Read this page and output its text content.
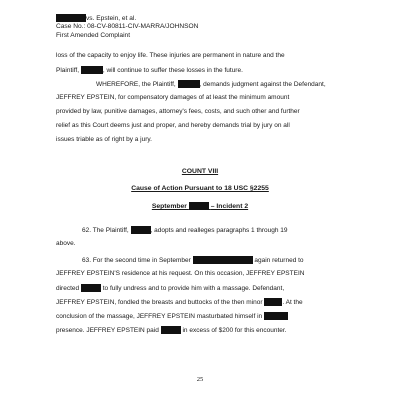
vs. Epstein, et al.
Case No.: 08-CV-80811-CIV-MARRA/JOHNSON
First Amended Complaint
loss of the capacity to enjoy life. These injuries are permanent in nature and the
Plaintiff,	, will continue to suffer these losses in the future.
WHEREFORE, the Plaintiff,	, demands judgment against the Defendant,
JEFFREY EPSTEIN, for compensatory damages of at least the minimum amount
provided by law, punitive damages, attorney's fees, costs, and such other and further
relief as this Court deems just and proper, and hereby demands trial by jury on all
issues triable as of right by a jury.
COUNT VIII
Cause of Action Pursuant to 18 USC §2255
September	– Incident 2
62. The Plaintiff,	, adopts and realleges paragraphs 1 through 19
above.
63. For the second time in September	again returned to
JEFFREY EPSTEIN'S residence at his request. On this occasion, JEFFREY EPSTEIN
directed	to fully undress and to provide him with a massage. Defendant,
JEFFREY EPSTEIN, fondled the breasts and buttocks of the then minor	. At the
conclusion of the massage, JEFFREY EPSTEIN masturbated himself in
presence. JEFFREY EPSTEIN paid	in excess of $200 for this encounter.
25
